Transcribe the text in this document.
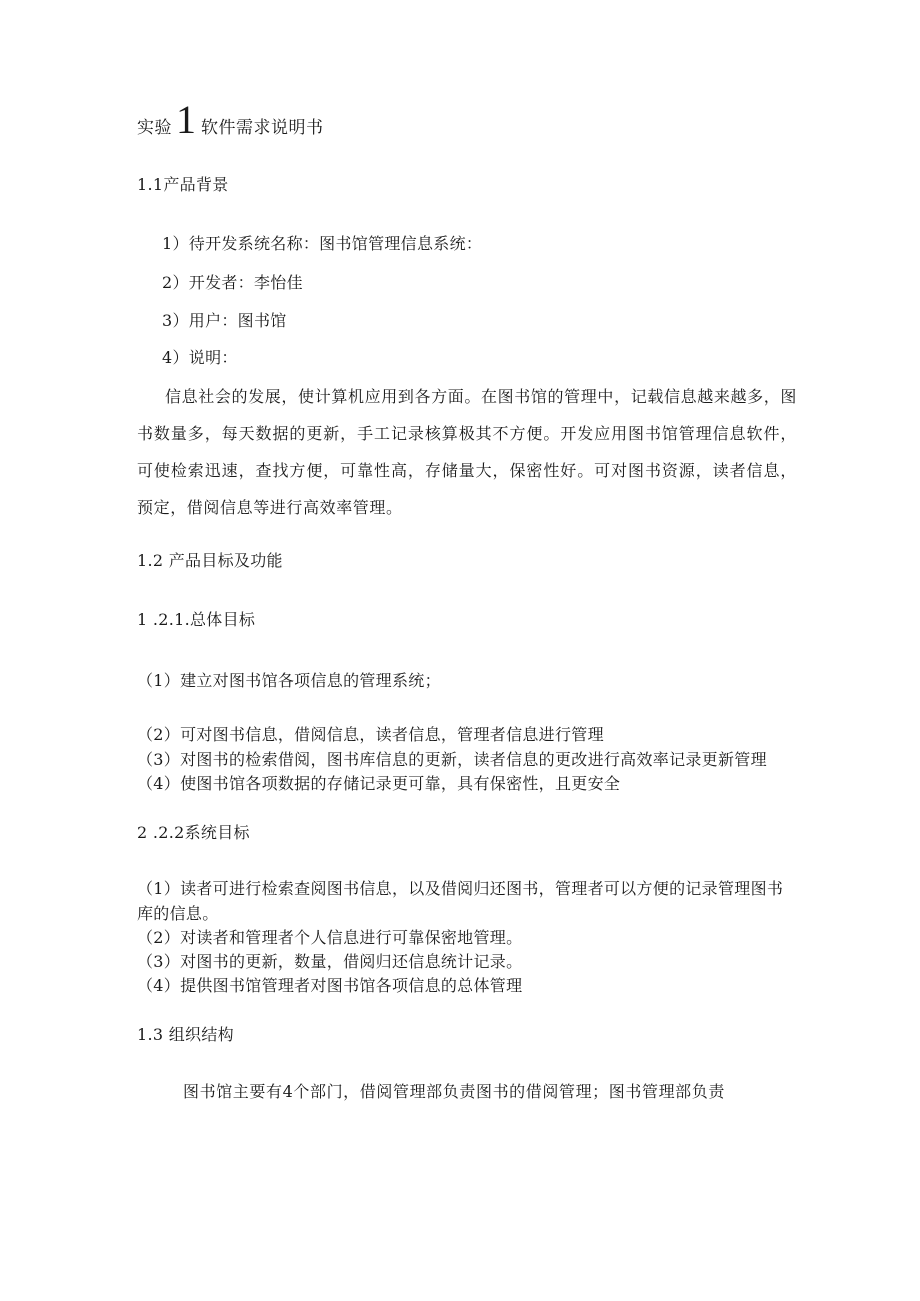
实验 1 软件需求说明书
1.1产品背景
1）待开发系统名称：图书馆管理信息系统：
2）开发者：李怡佳
3）用户：图书馆
4）说明：

信息社会的发展，使计算机应用到各方面。在图书馆的管理中，记载信息越来越多，图书数量多，每天数据的更新，手工记录核算极其不方便。开发应用图书馆管理信息软件，可使检索迅速，查找方便，可靠性高，存储量大，保密性好。可对图书资源，读者信息，预定，借阅信息等进行高效率管理。

1.2 产品目标及功能
1 .2.1.总体目标
（1）建立对图书馆各项信息的管理系统；
（2）可对图书信息，借阅信息，读者信息，管理者信息进行管理
（3）对图书的检索借阅，图书库信息的更新，读者信息的更改进行高效率记录更新管理
（4）使图书馆各项数据的存储记录更可靠，具有保密性，且更安全
2 .2.2系统目标

（1）读者可进行检索查阅图书信息，以及借阅归还图书，管理者可以方便的记录管理图书库的信息。

（2）对读者和管理者个人信息进行可靠保密地管理。
（3）对图书的更新，数量，借阅归还信息统计记录。
（4）提供图书馆管理者对图书馆各项信息的总体管理
1.3 组织结构
图书馆主要有4个部门，借阅管理部负责图书的借阅管理；图书管理部负责
